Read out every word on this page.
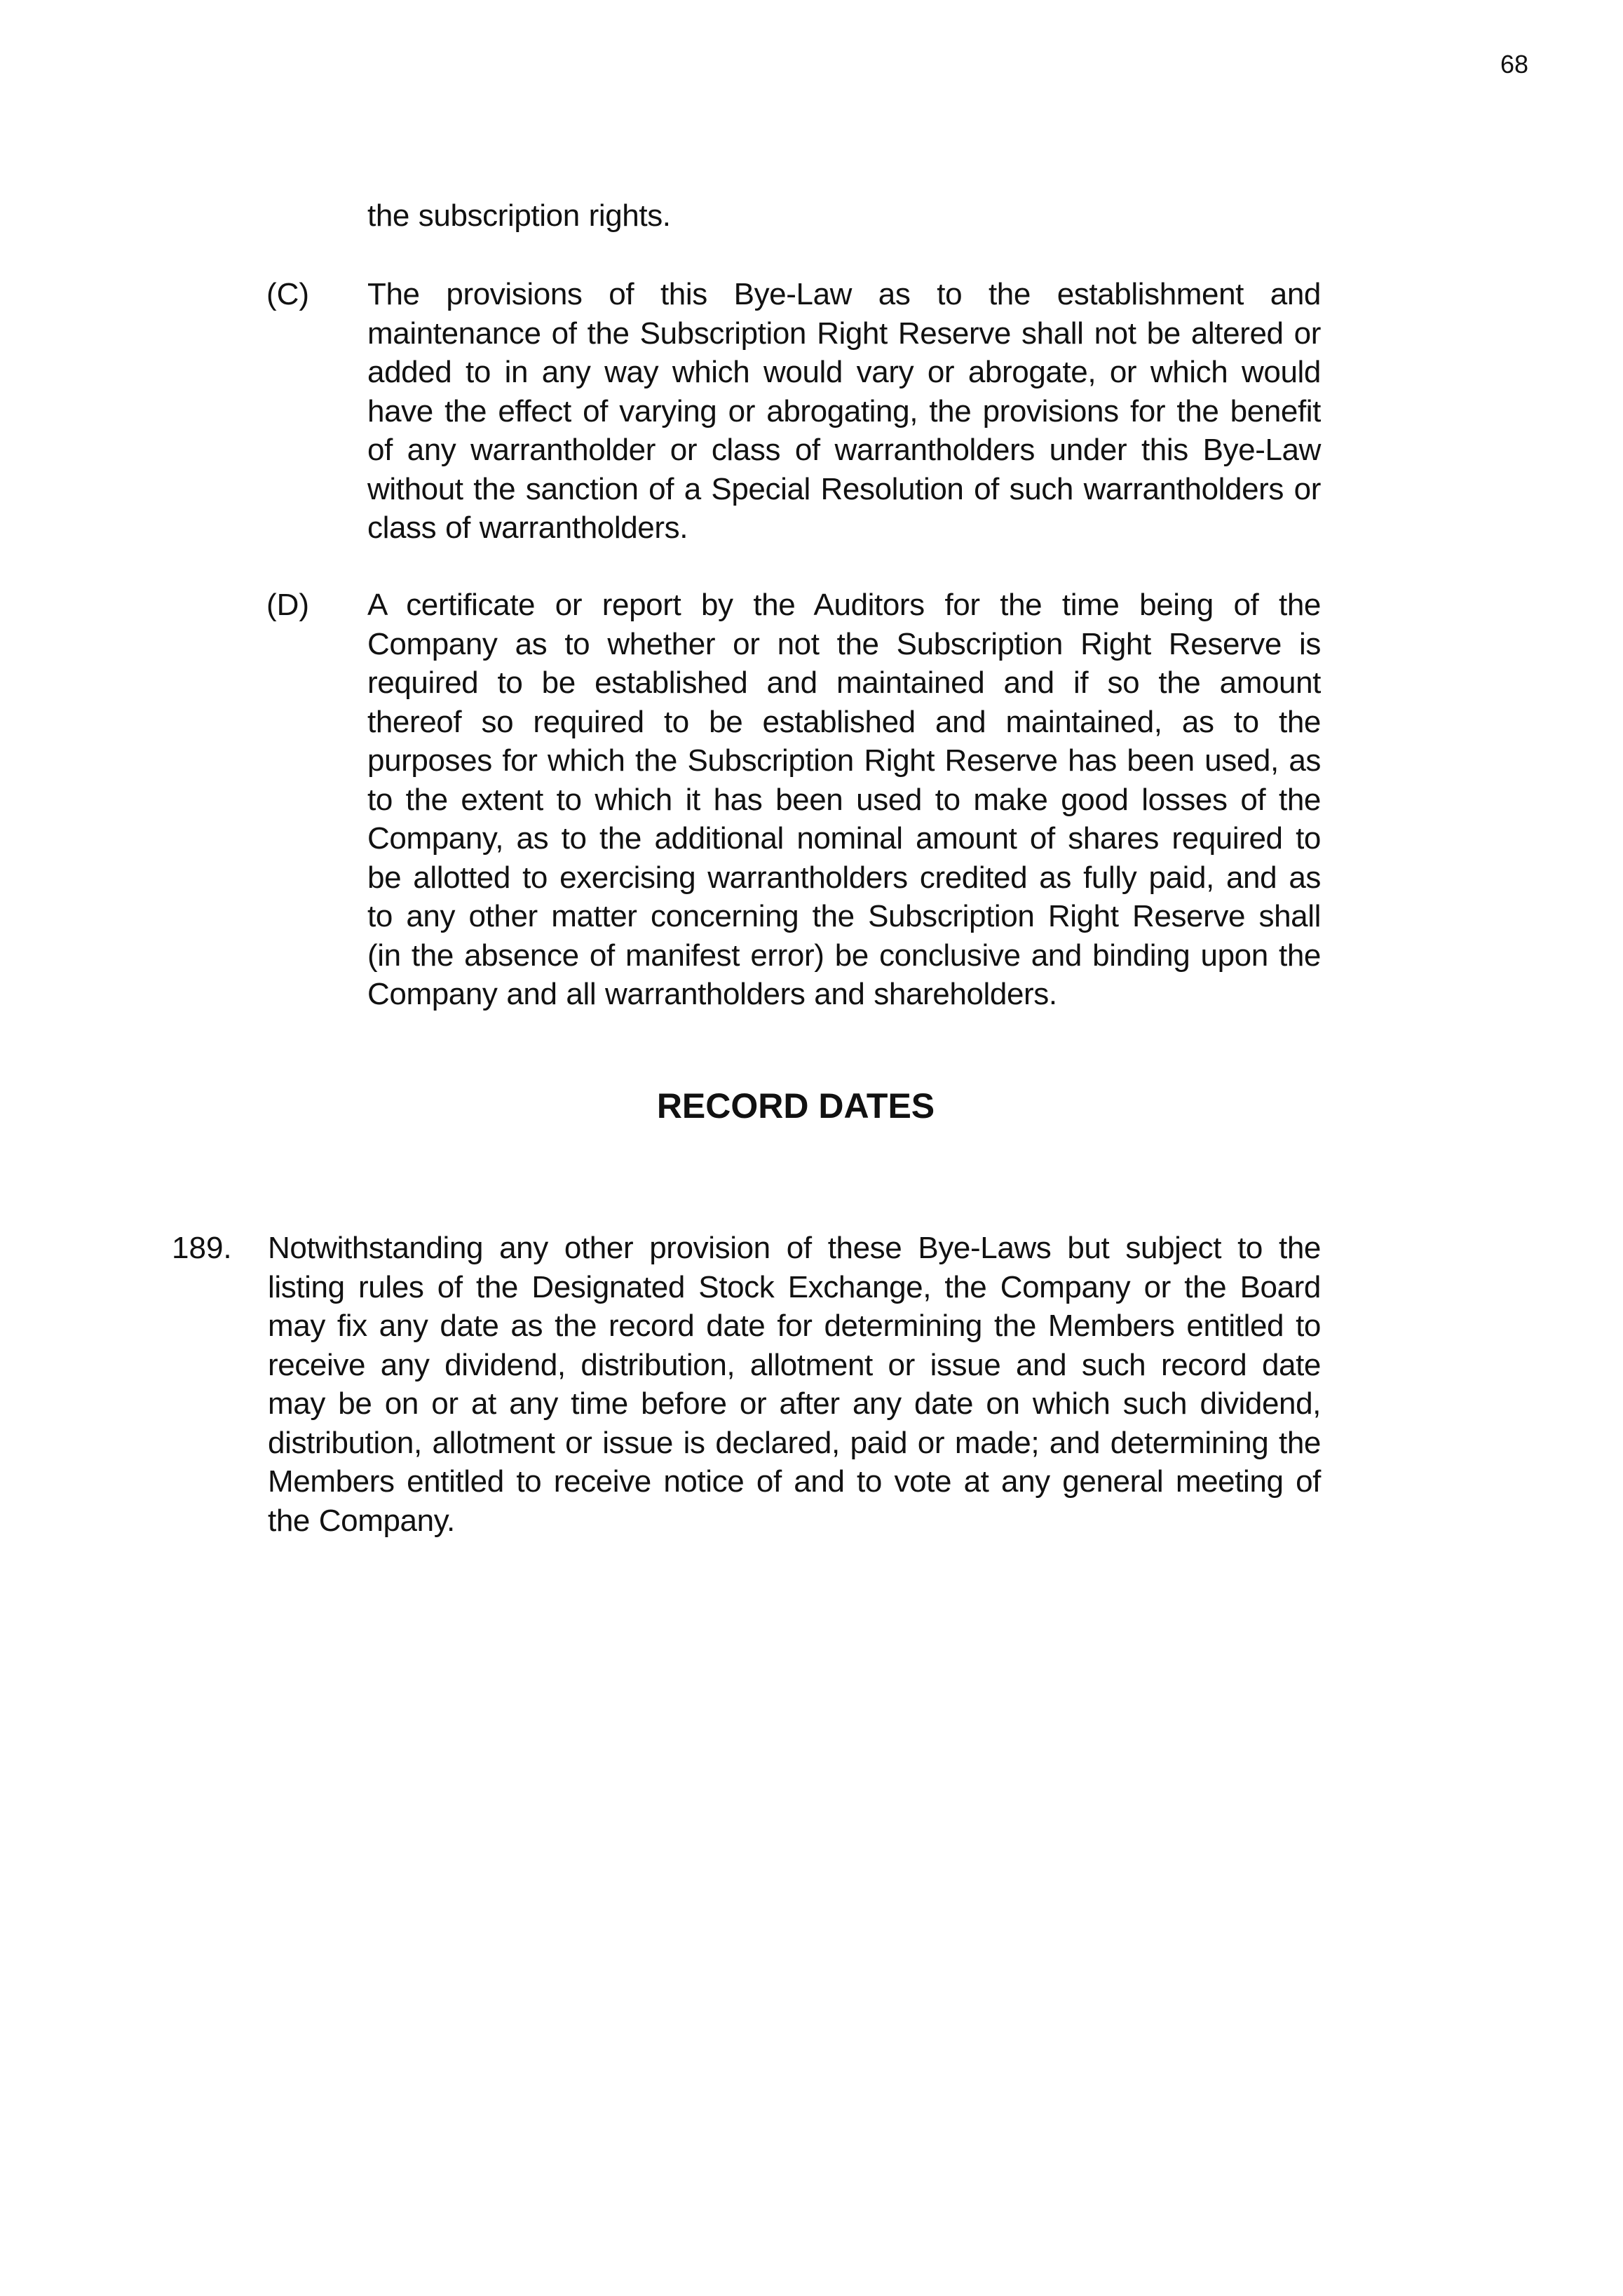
68
the subscription rights.
(C) The provisions of this Bye-Law as to the establishment and maintenance of the Subscription Right Reserve shall not be altered or added to in any way which would vary or abrogate, or which would have the effect of varying or abrogating, the provisions for the benefit of any warrantholder or class of warrantholders under this Bye-Law without the sanction of a Special Resolution of such warrantholders or class of warrantholders.
(D) A certificate or report by the Auditors for the time being of the Company as to whether or not the Subscription Right Reserve is required to be established and maintained and if so the amount thereof so required to be established and maintained, as to the purposes for which the Subscription Right Reserve has been used, as to the extent to which it has been used to make good losses of the Company, as to the additional nominal amount of shares required to be allotted to exercising warrantholders credited as fully paid, and as to any other matter concerning the Subscription Right Reserve shall (in the absence of manifest error) be conclusive and binding upon the Company and all warrantholders and shareholders.
RECORD DATES
189. Notwithstanding any other provision of these Bye-Laws but subject to the listing rules of the Designated Stock Exchange, the Company or the Board may fix any date as the record date for determining the Members entitled to receive any dividend, distribution, allotment or issue and such record date may be on or at any time before or after any date on which such dividend, distribution, allotment or issue is declared, paid or made; and determining the Members entitled to receive notice of and to vote at any general meeting of the Company.
